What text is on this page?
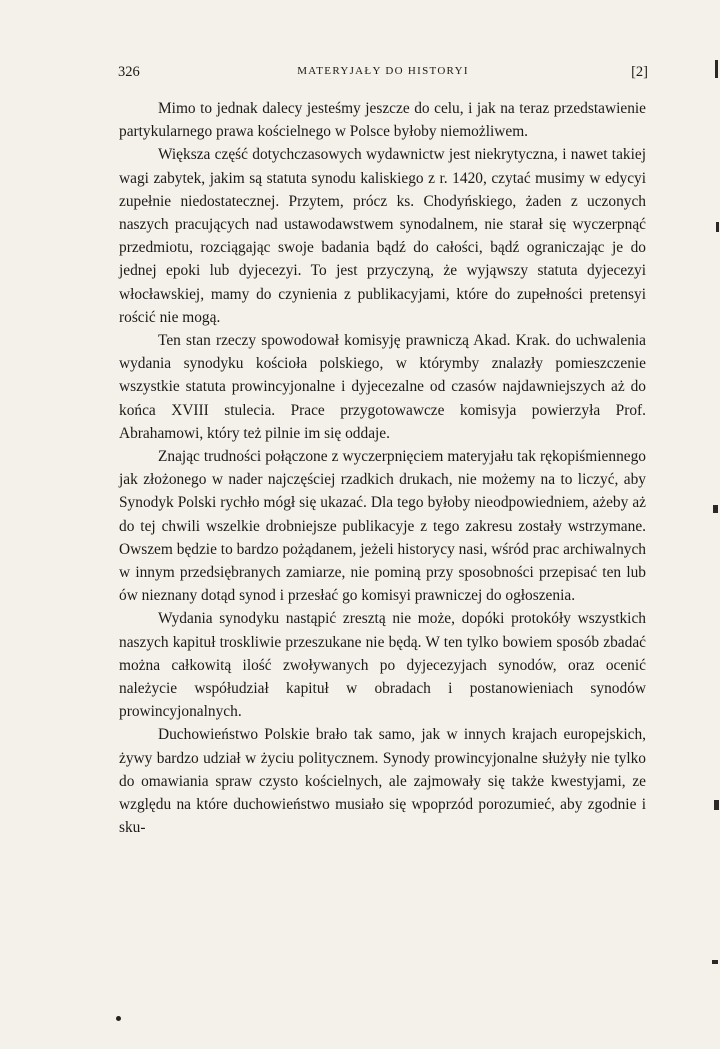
326	MATERYJAŁY DO HISTORYI	[2]

Mimo to jednak dalecy jesteśmy jeszcze do celu, i jak na teraz przedstawienie partykularnego prawa kościelnego w Polsce byłoby niemożliwem.

Większa część dotychczasowych wydawnictw jest niekrytyczna, i nawet takiej wagi zabytek, jakim są statuta synodu kaliskiego z r. 1420, czytać musimy w edycyi zupełnie niedostatecznej. Przytem, prócz ks. Chodyńskiego, żaden z uczonych naszych pracujących nad ustawodawstwem synodalnem, nie starał się wyczerpnąć przedmiotu, rozciągając swoje badania bądź do całości, bądź ograniczając je do jednej epoki lub dyjecezyi. To jest przyczyną, że wyjąwszy statuta dyjecezyi włocławskiej, mamy do czynienia z publikacyjami, które do zupełności pretensyi rościć nie mogą.

Ten stan rzeczy spowodował komisyję prawniczą Akad. Krak. do uchwalenia wydania synodyku kościoła polskiego, w którymby znalazły pomieszczenie wszystkie statuta prowincyjonalne i dyjecezalne od czasów najdawniejszych aż do końca XVIII stulecia. Prace przygotowawcze komisyja powierzyła Prof. Abrahamowi, który też pilnie im się oddaje.

Znając trudności połączone z wyczerpnięciem materyjału tak rękopiśmiennego jak złożonego w nader najczęściej rzadkich drukach, nie możemy na to liczyć, aby Synodyk Polski rychło mógł się ukazać. Dla tego byłoby nieodpowiedniem, ażeby aż do tej chwili wszelkie drobniejsze publikacyje z tego zakresu zostały wstrzymane. Owszem będzie to bardzo pożądanem, jeżeli historycy nasi, wśród prac archiwalnych w innym przedsiębranych zamiarze, nie pominą przy sposobności przepisać ten lub ów nieznany dotąd synod i przesłać go komisyi prawniczej do ogłoszenia.

Wydania synodyku nastąpić zresztą nie może, dopóki protokóły wszystkich naszych kapituł troskliwie przeszukane nie będą. W ten tylko bowiem sposób zbadać można całkowitą ilość zwoływanych po dyjecezyjach synodów, oraz ocenić należycie współudział kapituł w obradach i postanowieniach synodów prowincyjonalnych.

Duchowieństwo Polskie brało tak samo, jak w innych krajach europejskich, żywy bardzo udział w życiu politycznem. Synody prowincyjonalne służyły nie tylko do omawiania spraw czysto kościelnych, ale zajmowały się także kwestyjami, ze względu na które duchowieństwo musiało się wpoprzód porozumieć, aby zgodnie i sku-
